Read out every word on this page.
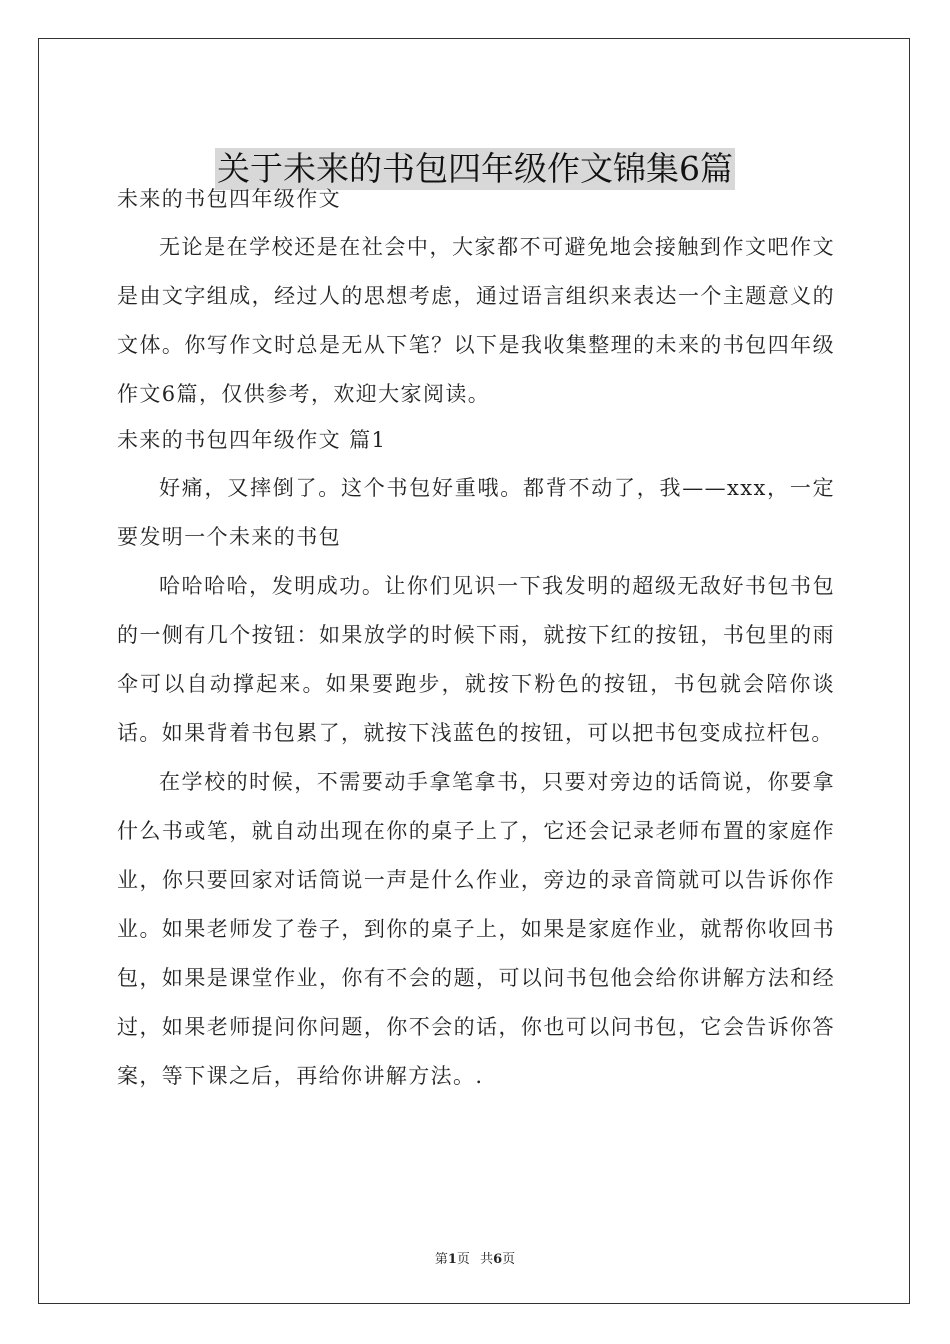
关于未来的书包四年级作文锦集6篇
未来的书包四年级作文

无论是在学校还是在社会中，大家都不可避免地会接触到作文吧作文是由文字组成，经过人的思想考虑，通过语言组织来表达一个主题意义的文体。你写作文时总是无从下笔？以下是我收集整理的未来的书包四年级作文6篇，仅供参考，欢迎大家阅读。

未来的书包四年级作文 篇1

好痛，又摔倒了。这个书包好重哦。都背不动了，我——xxx，一定要发明一个未来的书包

哈哈哈哈，发明成功。让你们见识一下我发明的超级无敌好书包书包的一侧有几个按钮：如果放学的时候下雨，就按下红的按钮，书包里的雨伞可以自动撑起来。如果要跑步，就按下粉色的按钮，书包就会陪你谈话。如果背着书包累了，就按下浅蓝色的按钮，可以把书包变成拉杆包。

在学校的时候，不需要动手拿笔拿书，只要对旁边的话筒说，你要拿什么书或笔，就自动出现在你的桌子上了，它还会记录老师布置的家庭作业，你只要回家对话筒说一声是什么作业，旁边的录音筒就可以告诉你作业。如果老师发了卷子，到你的桌子上，如果是家庭作业，就帮你收回书包，如果是课堂作业，你有不会的题，可以问书包他会给你讲解方法和经过，如果老师提问你问题，你不会的话，你也可以问书包，它会告诉你答案，等下课之后，再给你讲解方法。.

第1页 共6页
